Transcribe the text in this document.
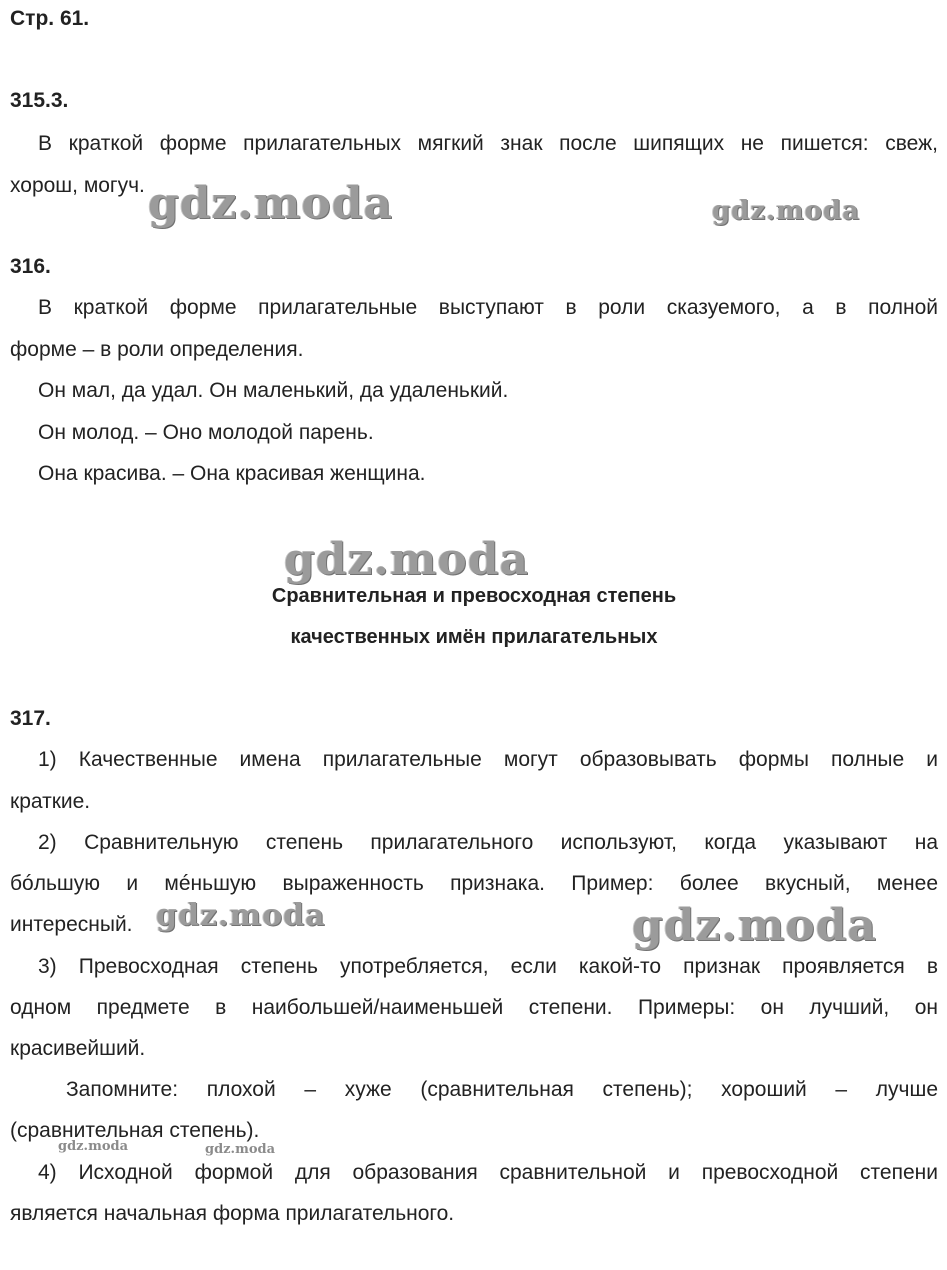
Стр. 61.
315.3.
В краткой форме прилагательных мягкий знак после шипящих не пишется: свеж,
хорош, могуч.
316.
В краткой форме прилагательные выступают в роли сказуемого, а в полной
форме – в роли определения.
Он мал, да удал. Он маленький, да удаленький.
Он молод. – Оно молодой парень.
Она красива. – Она красивая женщина.
Сравнительная и превосходная степень
качественных имён прилагательных
317.
1) Качественные имена прилагательные могут образовывать формы полные и
краткие.
2) Сравнительную степень прилагательного используют, когда указывают на
бóльшую и мéньшую выраженность признака. Пример: более вкусный, менее
интересный.
3) Превосходная степень употребляется, если какой-то признак проявляется в
одном предмете в наибольшей/наименьшей степени. Примеры: он лучший, он
красивейший.
Запомните: плохой – хуже (сравнительная степень); хороший – лучше
(сравнительная степень).
4) Исходной формой для образования сравнительной и превосходной степени
является начальная форма прилагательного.
gdz.moda	gdz.moda
gdz.moda
gdz.moda	gdz.moda
gdz.moda	gdz.moda
